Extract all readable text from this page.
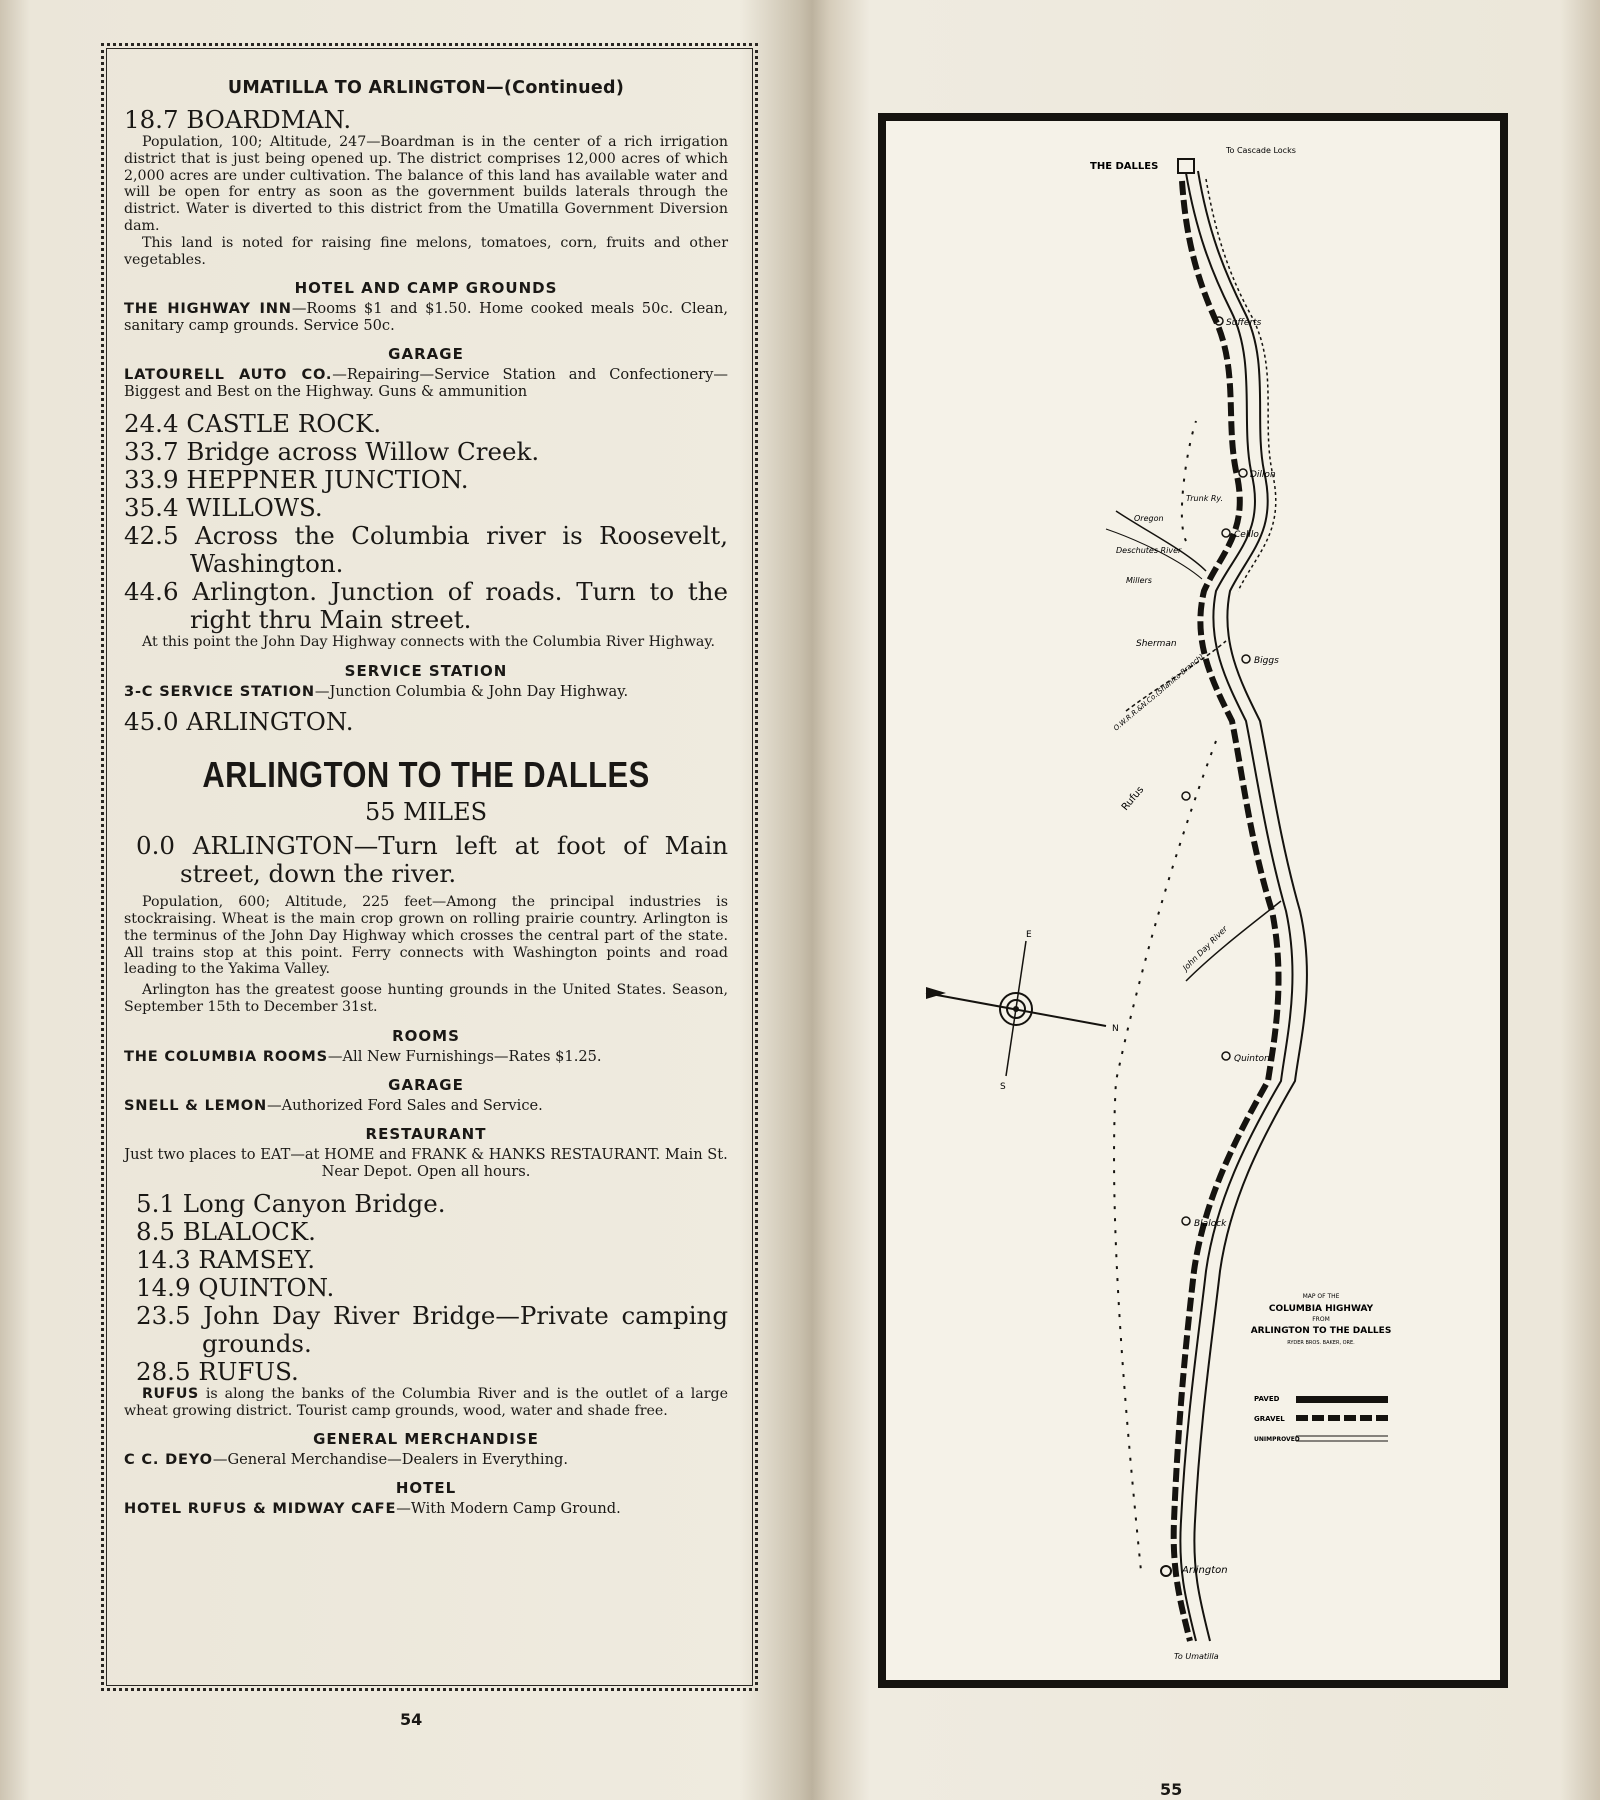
UMATILLA TO ARLINGTON—(Continued)

18.7 BOARDMAN.

Population, 100; Altitude, 247—Boardman is in the center of a rich irrigation district that is just being opened up. The district comprises 12,000 acres of which 2,000 acres are under cultivation. The balance of this land has available water and will be open for entry as soon as the government builds laterals through the district. Water is diverted to this district from the Umatilla Government Diversion dam.

This land is noted for raising fine melons, tomatoes, corn, fruits and other vegetables.

HOTEL AND CAMP GROUNDS

THE HIGHWAY INN—Rooms $1 and $1.50. Home cooked meals 50c. Clean, sanitary camp grounds. Service 50c.

GARAGE

LATOURELL AUTO CO.—Repairing—Service Station and Confectionery—Biggest and Best on the Highway. Guns & ammunition

24.4 CASTLE ROCK.

33.7 Bridge across Willow Creek.

33.9 HEPPNER JUNCTION.

35.4 WILLOWS.

42.5 Across the Columbia river is Roosevelt, Washington.

44.6 Arlington. Junction of roads. Turn to the right thru Main street.

At this point the John Day Highway connects with the Columbia River Highway.

SERVICE STATION

3-C SERVICE STATION—Junction Columbia & John Day Highway.

45.0 ARLINGTON.

ARLINGTON TO THE DALLES
55 MILES

0.0 ARLINGTON—Turn left at foot of Main street, down the river.

Population, 600; Altitude, 225 feet—Among the principal industries is stockraising. Wheat is the main crop grown on rolling prairie country. Arlington is the terminus of the John Day Highway which crosses the central part of the state. All trains stop at this point. Ferry connects with Washington points and road leading to the Yakima Valley.

Arlington has the greatest goose hunting grounds in the United States. Season, September 15th to December 31st.

ROOMS

THE COLUMBIA ROOMS—All New Furnishings—Rates $1.25.

GARAGE

SNELL & LEMON—Authorized Ford Sales and Service.

RESTAURANT

Just two places to EAT—at HOME and FRANK & HANKS RESTAURANT. Main St. Near Depot. Open all hours.

5.1 Long Canyon Bridge.

8.5 BLALOCK.

14.3 RAMSEY.

14.9 QUINTON.

23.5 John Day River Bridge—Private camping grounds.

28.5 RUFUS.

RUFUS is along the banks of the Columbia River and is the outlet of a large wheat growing district. Tourist camp grounds, wood, water and shade free.

GENERAL MERCHANDISE

C C. DEYO—General Merchandise—Dealers in Everything.

HOTEL

HOTEL RUFUS & MIDWAY CAFE—With Modern Camp Ground.

54
55
THE DALLES
To Cascade Locks
Sufferts
Dillon
Celilo
Deschutes River
Millers
Oregon
Trunk Ry.
Sherman
Biggs
O.W.R.R.&N.Co.(Shaniko Branch)
Rufus
John Day River
Quinton
Blalock
Arlington
To Umatilla
N
S
E
MAP OF THE
COLUMBIA HIGHWAY
FROM
ARLINGTON TO THE DALLES
RYDER BROS. BAKER, ORE.
PAVED
GRAVEL
UNIMPROVED
